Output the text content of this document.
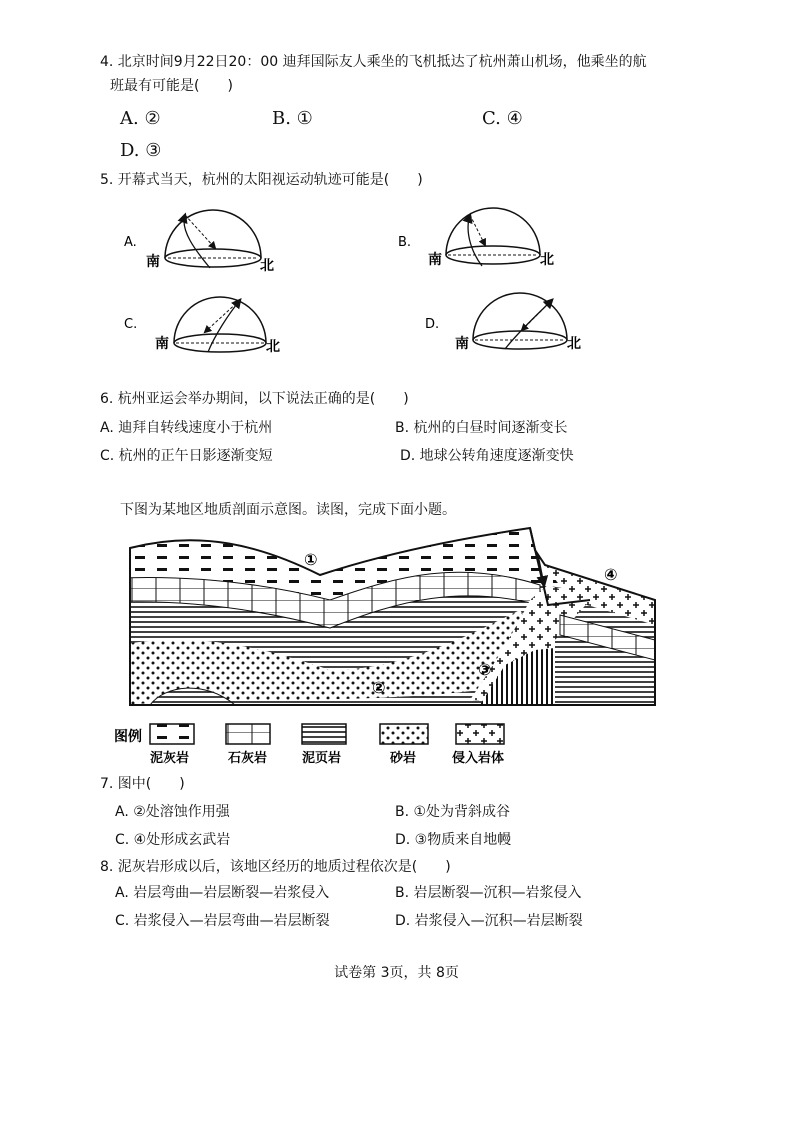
4. 北京时间9月22日20：00 迪拜国际友人乘坐的飞机抵达了杭州萧山机场，他乘坐的航
班最有可能是(　　)
A. ②	B. ①	C. ④
D. ③
5. 开幕式当天，杭州的太阳视运动轨迹可能是(　　)
A.
南	北
B.
南	北
C.
南	北
D.
南	北
6. 杭州亚运会举办期间，以下说法正确的是(　　)
A. 迪拜自转线速度小于杭州	B. 杭州的白昼时间逐渐变长
C. 杭州的正午日影逐渐变短	D. 地球公转角速度逐渐变快
下图为某地区地质剖面示意图。读图，完成下面小题。
①
②
③
④
图例
泥灰岩	石灰岩	泥页岩	砂岩	侵入岩体
7. 图中(　　)
A. ②处溶蚀作用强	B. ①处为背斜成谷
C. ④处形成玄武岩	D. ③物质来自地幔
8. 泥灰岩形成以后，该地区经历的地质过程依次是(　　)
A. 岩层弯曲—岩层断裂—岩浆侵入	B. 岩层断裂—沉积—岩浆侵入
C. 岩浆侵入—岩层弯曲—岩层断裂	D. 岩浆侵入—沉积—岩层断裂
试卷第 3页，共 8页
